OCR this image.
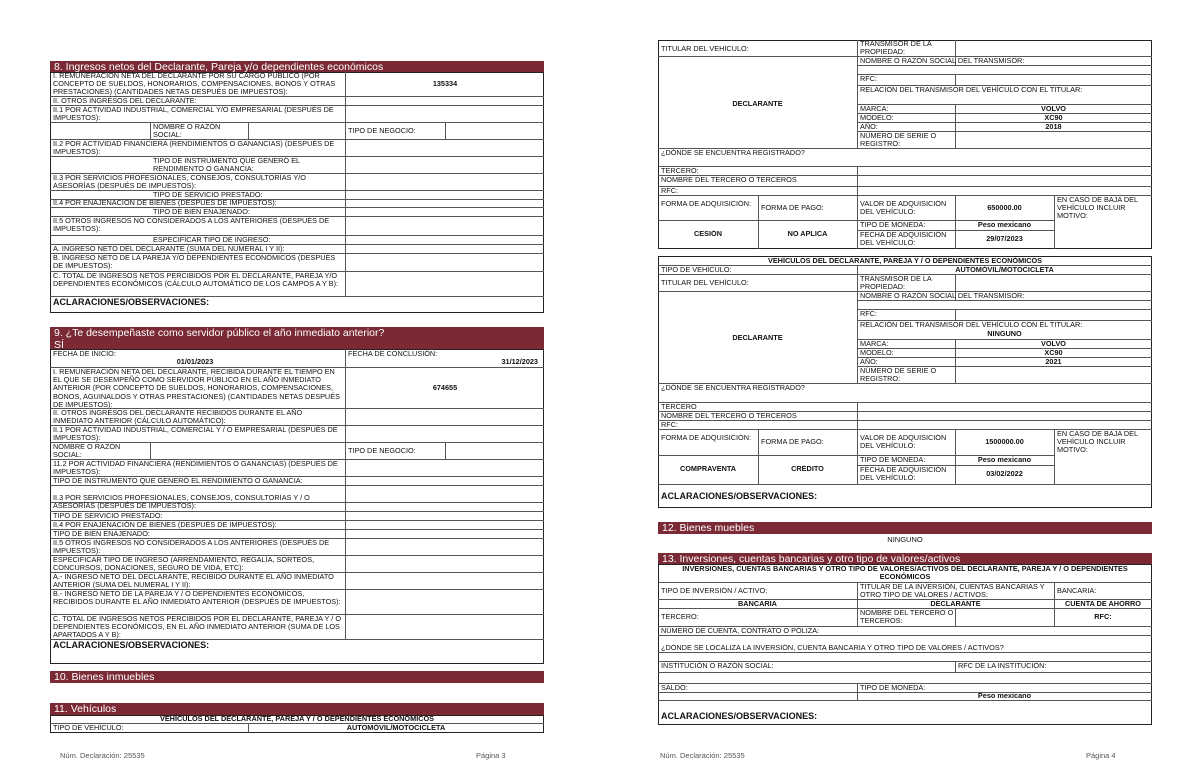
8. Ingresos netos del Declarante, Pareja y/o dependientes económicos
I. REMUNERACIÓN NETA DEL DECLARANTE POR SU CARGO PÚBLICO (POR CONCEPTO DE SUELDOS, HONORARIOS, COMPENSACIONES, BONOS Y OTRAS PRESTACIONES) (CANTIDADES NETAS DESPUÉS DE IMPUESTOS):
135334
II. OTROS INGRESOS DEL DECLARANTE:
II.1 POR ACTIVIDAD INDUSTRIAL, COMERCIAL Y/O EMPRESARIAL (DESPUÉS DE IMPUESTOS):
NOMBRE O RAZÓN SOCIAL:	TIPO DE NEGOCIO:
II.2 POR ACTIVIDAD FINANCIERA (RENDIMIENTOS O GANANCIAS) (DESPUÉS DE IMPUESTOS):
TIPO DE INSTRUMENTO QUE GENERÓ EL RENDIMIENTO O GANANCIA:
II.3 POR SERVICIOS PROFESIONALES, CONSEJOS, CONSULTORÍAS Y/O ASESORÍAS (DESPUÉS DE IMPUESTOS):
TIPO DE SERVICIO PRESTADO:
II.4 POR ENAJENACIÓN DE BIENES (DESPUÉS DE IMPUESTOS):
TIPO DE BIEN ENAJENADO:
II.5 OTROS INGRESOS NO CONSIDERADOS A LOS ANTERIORES (DESPUÉS DE IMPUESTOS):
ESPECIFICAR TIPO DE INGRESO:
A. INGRESO NETO DEL DECLARANTE (SUMA DEL NUMERAL I Y II):
B. INGRESO NETO DE LA PAREJA Y/O DEPENDIENTES ECONÓMICOS (DESPUÉS DE IMPUESTOS):
C. TOTAL DE INGRESOS NETOS PERCIBIDOS POR EL DECLARANTE, PAREJA Y/O DEPENDIENTES ECONÓMICOS (CÁLCULO AUTOMÁTICO DE LOS CAMPOS A Y B):
ACLARACIONES/OBSERVACIONES:
9. ¿Te desempeñaste como servidor público el año inmediato anterior?
SÍ
FECHA DE INICIO:
01/01/2023
FECHA DE CONCLUSIÓN:
31/12/2023
I. REMUNERACIÓN NETA DEL DECLARANTE, RECIBIDA DURANTE EL TIEMPO EN EL QUE SE DESEMPEÑÓ COMO SERVIDOR PÚBLICO EN EL AÑO INMEDIATO ANTERIOR (POR CONCEPTO DE SUELDOS, HONORARIOS, COMPENSACIONES, BONOS, AGUINALDOS Y OTRAS PRESTACIONES) (CANTIDADES NETAS DESPUÉS DE IMPUESTOS):
674655
II. OTROS INGRESOS DEL DECLARANTE RECIBIDOS DURANTE EL AÑO INMEDIATO ANTERIOR (CÁLCULO AUTOMÁTICO):
II.1 POR ACTIVIDAD INDUSTRIAL, COMERCIAL Y / O EMPRESARIAL (DESPUÉS DE IMPUESTOS):
NOMBRE O RAZÓN SOCIAL:	TIPO DE NEGOCIO:
11.2 POR ACTIVIDAD FINANCIERA (RENDIMIENTOS O GANANCIAS) (DESPUÉS DE IMPUESTOS):
TIPO DE INSTRUMENTO QUE GENERÓ EL RENDIMIENTO O GANANCIA:
II.3 POR SERVICIOS PROFESIONALES, CONSEJOS, CONSULTORÍAS Y / O ASESORÍAS (DESPUÉS DE IMPUESTOS):
TIPO DE SERVICIO PRESTADO:
II.4 POR ENAJENACIÓN DE BIENES (DESPUÉS DE IMPUESTOS):
TIPO DE BIEN ENAJENADO:
II.5 OTROS INGRESOS NO CONSIDERADOS A LOS ANTERIORES (DESPUÉS DE IMPUESTOS):
ESPECIFICAR TIPO DE INGRESO (ARRENDAMIENTO, REGALÍA, SORTEOS, CONCURSOS, DONACIONES, SEGURO DE VIDA, ETC):
A.- INGRESO NETO DEL DECLARANTE, RECIBIDO DURANTE EL AÑO INMEDIATO ANTERIOR (SUMA DEL NUMERAL I Y II):
B.- INGRESO NETO DE LA PAREJA Y / O DEPENDIENTES ECONÓMICOS, RECIBIDOS DURANTE EL AÑO INMEDIATO ANTERIOR (DESPUÉS DE IMPUESTOS):
C. TOTAL DE INGRESOS NETOS PERCIBIDOS POR EL DECLARANTE, PAREJA Y / O DEPENDIENTES ECONÓMICOS, EN EL AÑO INMEDIATO ANTERIOR (SUMA DE LOS APARTADOS A Y B):
ACLARACIONES/OBSERVACIONES:
10. Bienes inmuebles
11. Vehículos
VEHÍCULOS DEL DECLARANTE, PAREJA Y / O DEPENDIENTES ECONÓMICOS
TIPO DE VEHÍCULO:	AUTOMÓVIL/MOTOCICLETA
Núm. Declaración: 25535	Página 3
TITULAR DEL VEHÍCULO:
TRANSMISOR DE LA PROPIEDAD:
NOMBRE O RAZÓN SOCIAL DEL TRANSMISOR:
RFC:
RELACIÓN DEL TRANSMISOR DEL VEHÍCULO CON EL TITULAR:
DECLARANTE
MARCA:	VOLVO
MODELO:	XC90
AÑO:	2018
NÚMERO DE SERIE O REGISTRO:
¿DÓNDE SE ENCUENTRA REGISTRADO?
TERCERO:
NOMBRE DEL TERCERO O TERCEROS
RFC:
FORMA DE ADQUISICIÓN:	FORMA DE PAGO:	VALOR DE ADQUISICIÓN DEL VEHÍCULO:	650000.00
EN CASO DE BAJA DEL VEHÍCULO INCLUIR MOTIVO:
CESIÓN	NO APLICA
TIPO DE MONEDA:	Peso mexicano
FECHA DE ADQUISICIÓN DEL VEHÍCULO:	29/07/2023
VEHÍCULOS DEL DECLARANTE, PAREJA Y / O DEPENDIENTES ECONÓMICOS
TIPO DE VEHÍCULO:	AUTOMÓVIL/MOTOCICLETA
TITULAR DEL VEHÍCULO:	TRANSMISOR DE LA PROPIEDAD:
NOMBRE O RAZÓN SOCIAL DEL TRANSMISOR:
RFC:
RELACIÓN DEL TRANSMISOR DEL VEHÍCULO CON EL TITULAR:
NINGUNO
DECLARANTE
MARCA:	VOLVO
MODELO:	XC90
AÑO:	2021
NÚMERO DE SERIE O REGISTRO:
¿DÓNDE SE ENCUENTRA REGISTRADO?
TERCERO
NOMBRE DEL TERCERO O TERCEROS
RFC:
FORMA DE ADQUISICIÓN:	FORMA DE PAGO:	VALOR DE ADQUISICIÓN DEL VEHÍCULO:	1500000.00
EN CASO DE BAJA DEL VEHÍCULO INCLUIR MOTIVO:
COMPRAVENTA	CRÉDITO
TIPO DE MONEDA:	Peso mexicano
FECHA DE ADQUISICIÓN DEL VEHÍCULO:	03/02/2022
ACLARACIONES/OBSERVACIONES:
12. Bienes muebles
NINGUNO
13. Inversiones, cuentas bancarias y otro tipo de valores/activos
INVERSIONES, CUENTAS BANCARIAS Y OTRO TIPO DE VALORES/ACTIVOS DEL DECLARANTE, PAREJA Y / O DEPENDIENTES ECONÓMICOS
TIPO DE INVERSIÓN / ACTIVO:	TITULAR DE LA INVERSIÓN, CUENTAS BANCARIAS Y OTRO TIPO DE VALORES / ACTIVOS:	BANCARIA:
BANCARIA	DECLARANTE	CUENTA DE AHORRO
TERCERO:	NOMBRE DEL TERCERO O TERCEROS:	RFC:
NÚMERO DE CUENTA, CONTRATO O PÓLIZA:
¿DÓNDE SE LOCALIZA LA INVERSIÓN, CUENTA BANCARIA Y OTRO TIPO DE VALORES / ACTIVOS?
INSTITUCIÓN O RAZÓN SOCIAL:	RFC DE LA INSTITUCIÓN:
SALDO:	TIPO DE MONEDA:
Peso mexicano
ACLARACIONES/OBSERVACIONES:
Núm. Declaración: 25535	Página 4
